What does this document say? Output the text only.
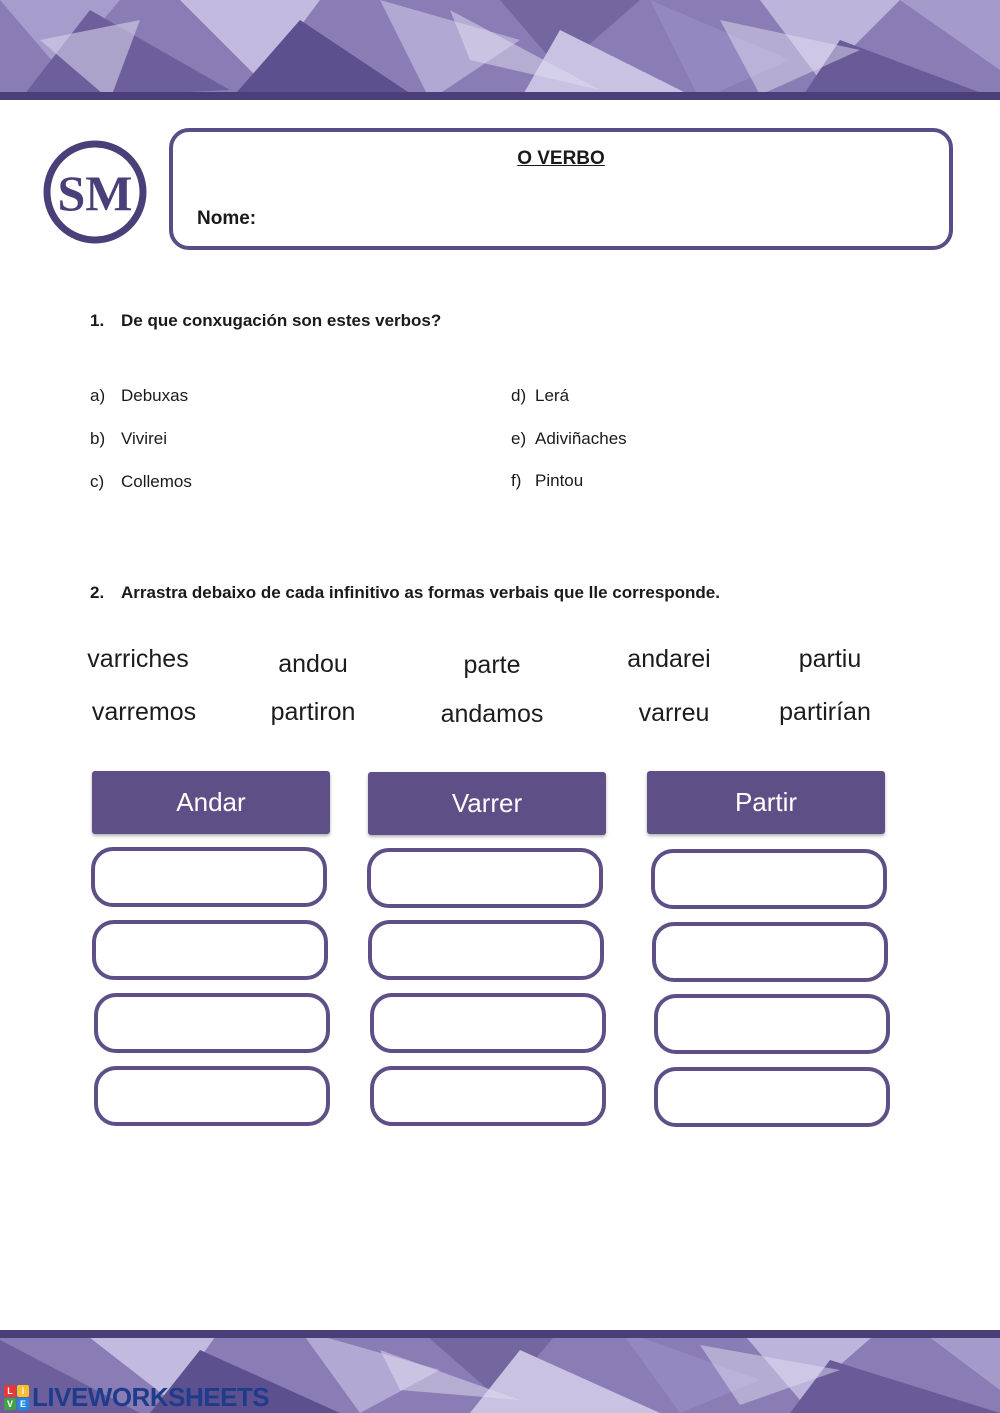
SM
O VERBO
Nome:
1. De que conxugación son estes verbos?
a) Debuxas
b) Vivirei
c) Collemos
d) Lerá
e) Adiviñaches
f) Pintou
2. Arrastra debaixo de cada infinitivo as formas verbais que lle corresponde.
varriches	andou	parte	andarei	partiu
varremos	partiron	andamos	varreu	partirían
Andar	Varrer	Partir
L I
V E LIVEWORKSHEETS
